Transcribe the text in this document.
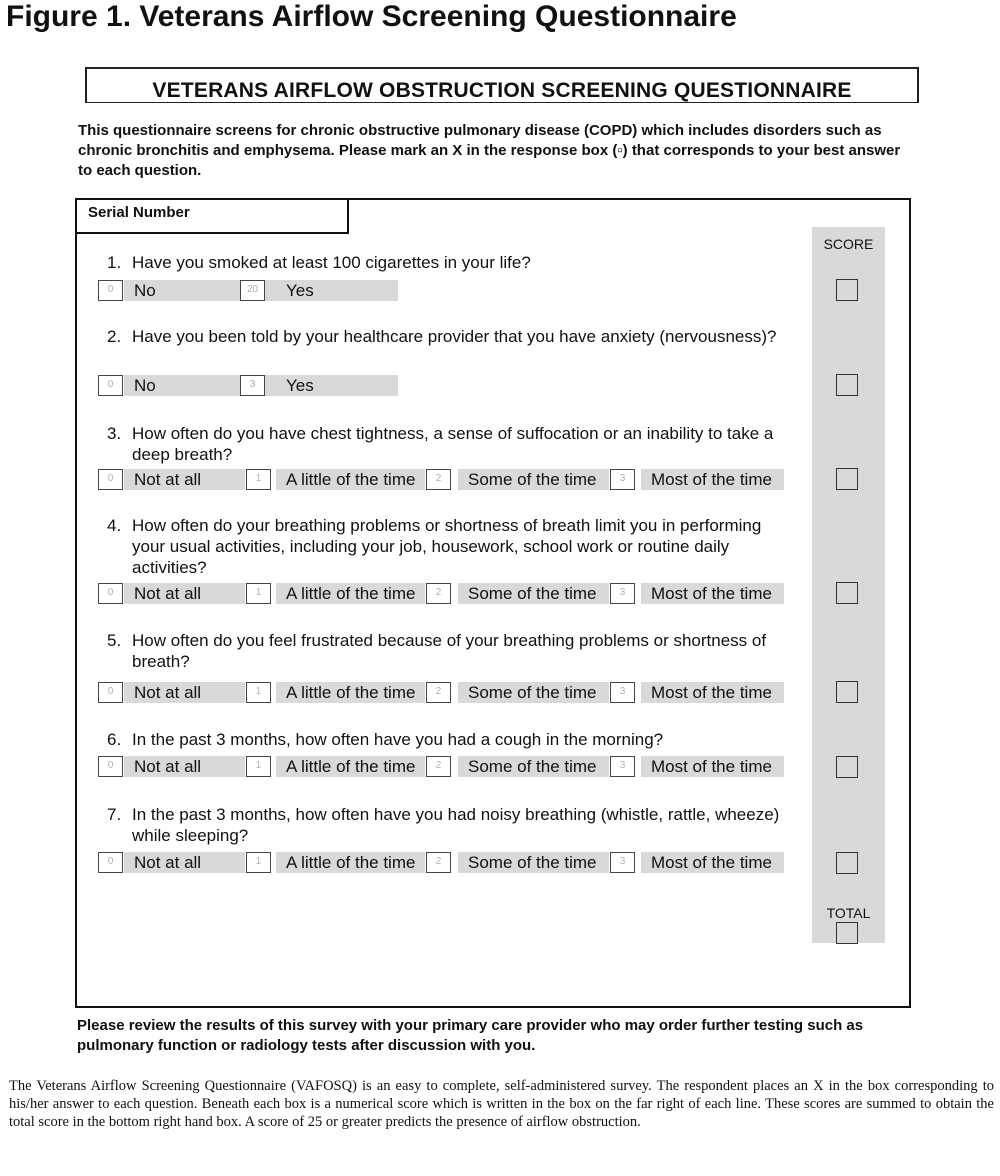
Figure 1. Veterans Airflow Screening Questionnaire
VETERANS AIRFLOW OBSTRUCTION SCREENING QUESTIONNAIRE
This questionnaire screens for chronic obstructive pulmonary disease (COPD) which includes disorders such as chronic bronchitis and emphysema. Please mark an X in the response box (▫) that corresponds to your best answer to each question.
Serial Number
SCORE
TOTAL
1. Have you smoked at least 100 cigarettes in your life?
0	No	20	Yes
2. Have you been told by your healthcare provider that you have anxiety (nervousness)?
0	No	3	Yes
3. How often do you have chest tightness, a sense of suffocation or an inability to take a deep breath?
0	Not at all	1	A little of the time	2	Some of the time	3	Most of the time
4. How often do your breathing problems or shortness of breath limit you in performing your usual activities, including your job, housework, school work or routine daily activities?
0	Not at all	1	A little of the time	2	Some of the time	3	Most of the time
5. How often do you feel frustrated because of your breathing problems or shortness of breath?
0	Not at all	1	A little of the time	2	Some of the time	3	Most of the time
6. In the past 3 months, how often have you had a cough in the morning?
0	Not at all	1	A little of the time	2	Some of the time	3	Most of the time
7. In the past 3 months, how often have you had noisy breathing (whistle, rattle, wheeze) while sleeping?
0	Not at all	1	A little of the time	2	Some of the time	3	Most of the time
Please review the results of this survey with your primary care provider who may order further testing such as pulmonary function or radiology tests after discussion with you.
The Veterans Airflow Screening Questionnaire (VAFOSQ) is an easy to complete, self-administered survey. The respondent places an X in the box corresponding to his/her answer to each question. Beneath each box is a numerical score which is written in the box on the far right of each line. These scores are summed to obtain the total score in the bottom right hand box. A score of 25 or greater predicts the presence of airflow obstruction.
